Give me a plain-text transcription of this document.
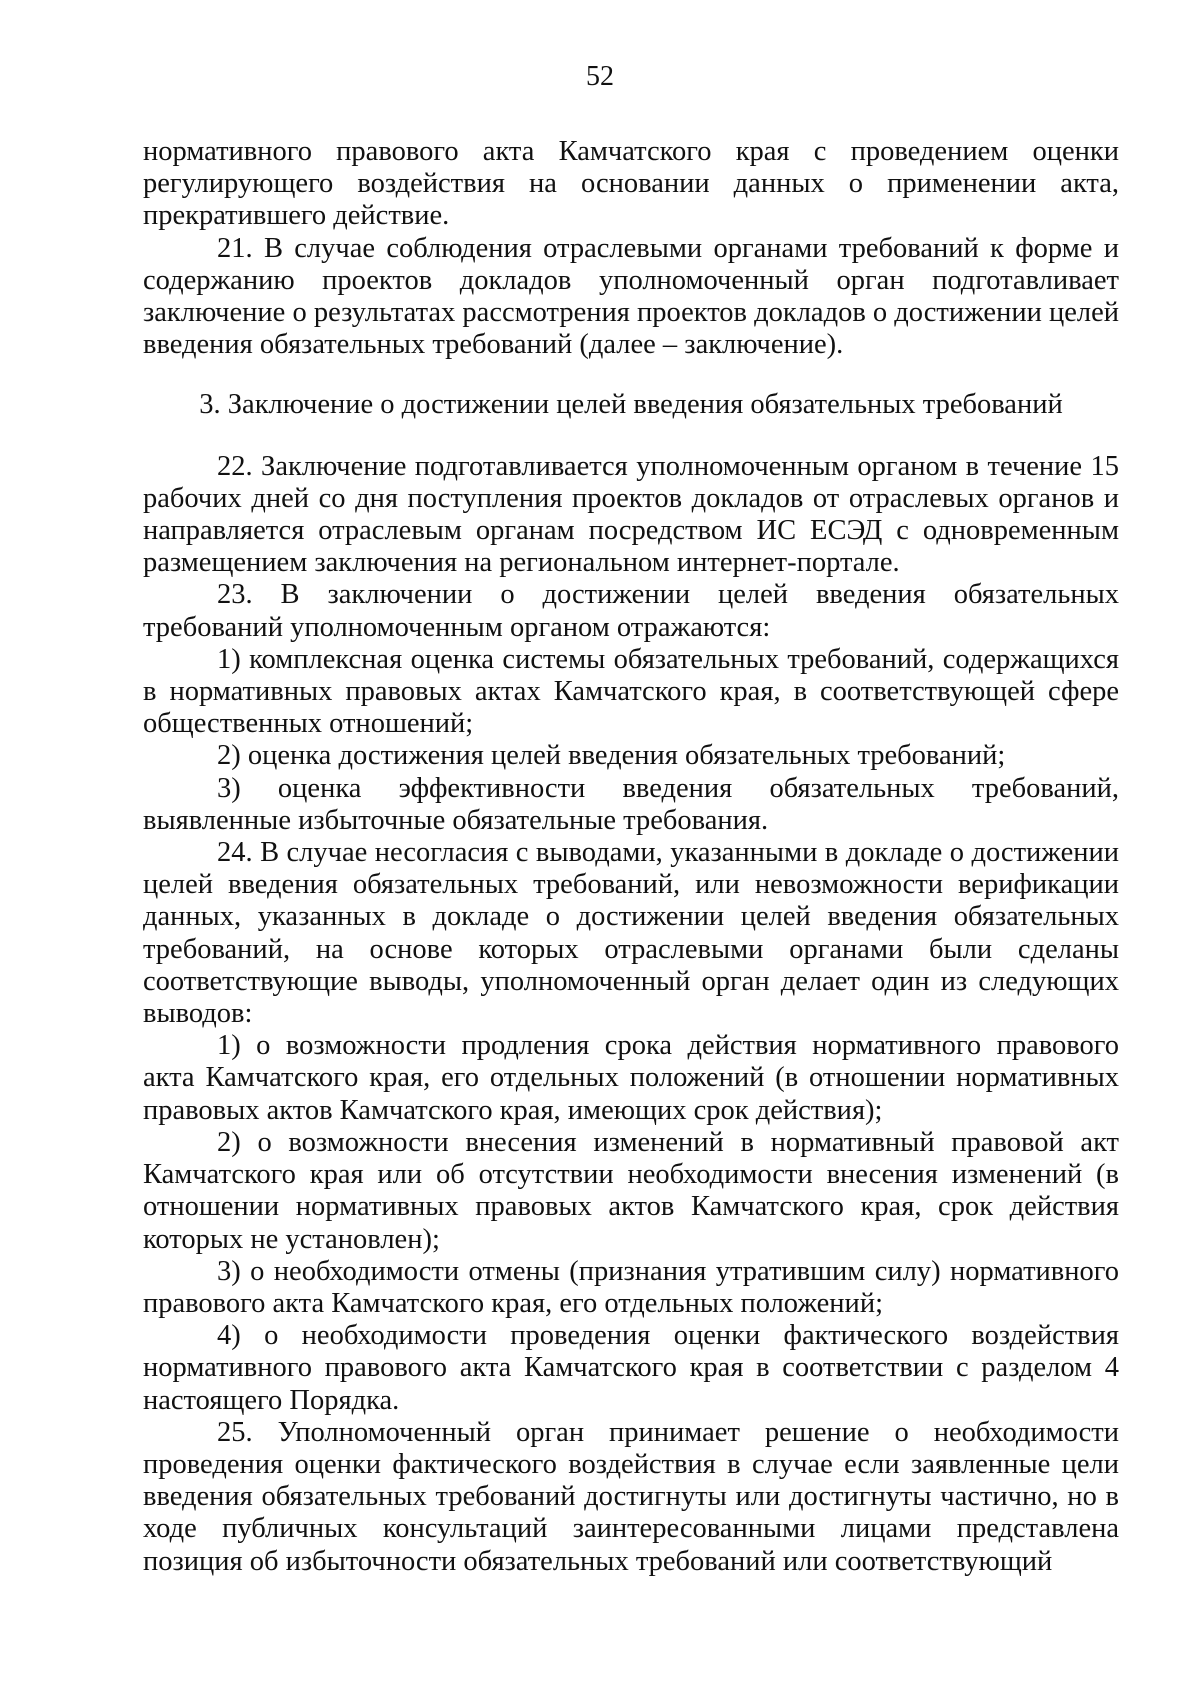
52

нормативного правового акта Камчатского края с проведением оценки регулирующего воздействия на основании данных о применении акта, прекратившего действие.

21. В случае соблюдения отраслевыми органами требований к форме и содержанию проектов докладов уполномоченный орган подготавливает заключение о результатах рассмотрения проектов докладов о достижении целей введения обязательных требований (далее – заключение).

3. Заключение о достижении целей введения обязательных требований

22. Заключение подготавливается уполномоченным органом в течение 15 рабочих дней со дня поступления проектов докладов от отраслевых органов и направляется отраслевым органам посредством ИС ЕСЭД с одновременным размещением заключения на региональном интернет-портале.

23. В заключении о достижении целей введения обязательных требований уполномоченным органом отражаются:

1) комплексная оценка системы обязательных требований, содержащихся в нормативных правовых актах Камчатского края, в соответствующей сфере общественных отношений;

2) оценка достижения целей введения обязательных требований;

3) оценка эффективности введения обязательных требований, выявленные избыточные обязательные требования.

24. В случае несогласия с выводами, указанными в докладе о достижении целей введения обязательных требований, или невозможности верификации данных, указанных в докладе о достижении целей введения обязательных требований, на основе которых отраслевыми органами были сделаны соответствующие выводы, уполномоченный орган делает один из следующих выводов:

1) о возможности продления срока действия нормативного правового акта Камчатского края, его отдельных положений (в отношении нормативных правовых актов Камчатского края, имеющих срок действия);

2) о возможности внесения изменений в нормативный правовой акт Камчатского края или об отсутствии необходимости внесения изменений (в отношении нормативных правовых актов Камчатского края, срок действия которых не установлен);

3) о необходимости отмены (признания утратившим силу) нормативного правового акта Камчатского края, его отдельных положений;

4) о необходимости проведения оценки фактического воздействия нормативного правового акта Камчатского края в соответствии с разделом 4 настоящего Порядка.

25. Уполномоченный орган принимает решение о необходимости проведения оценки фактического воздействия в случае если заявленные цели введения обязательных требований достигнуты или достигнуты частично, но в ходе публичных консультаций заинтересованными лицами представлена позиция об избыточности обязательных требований или соответствующий
